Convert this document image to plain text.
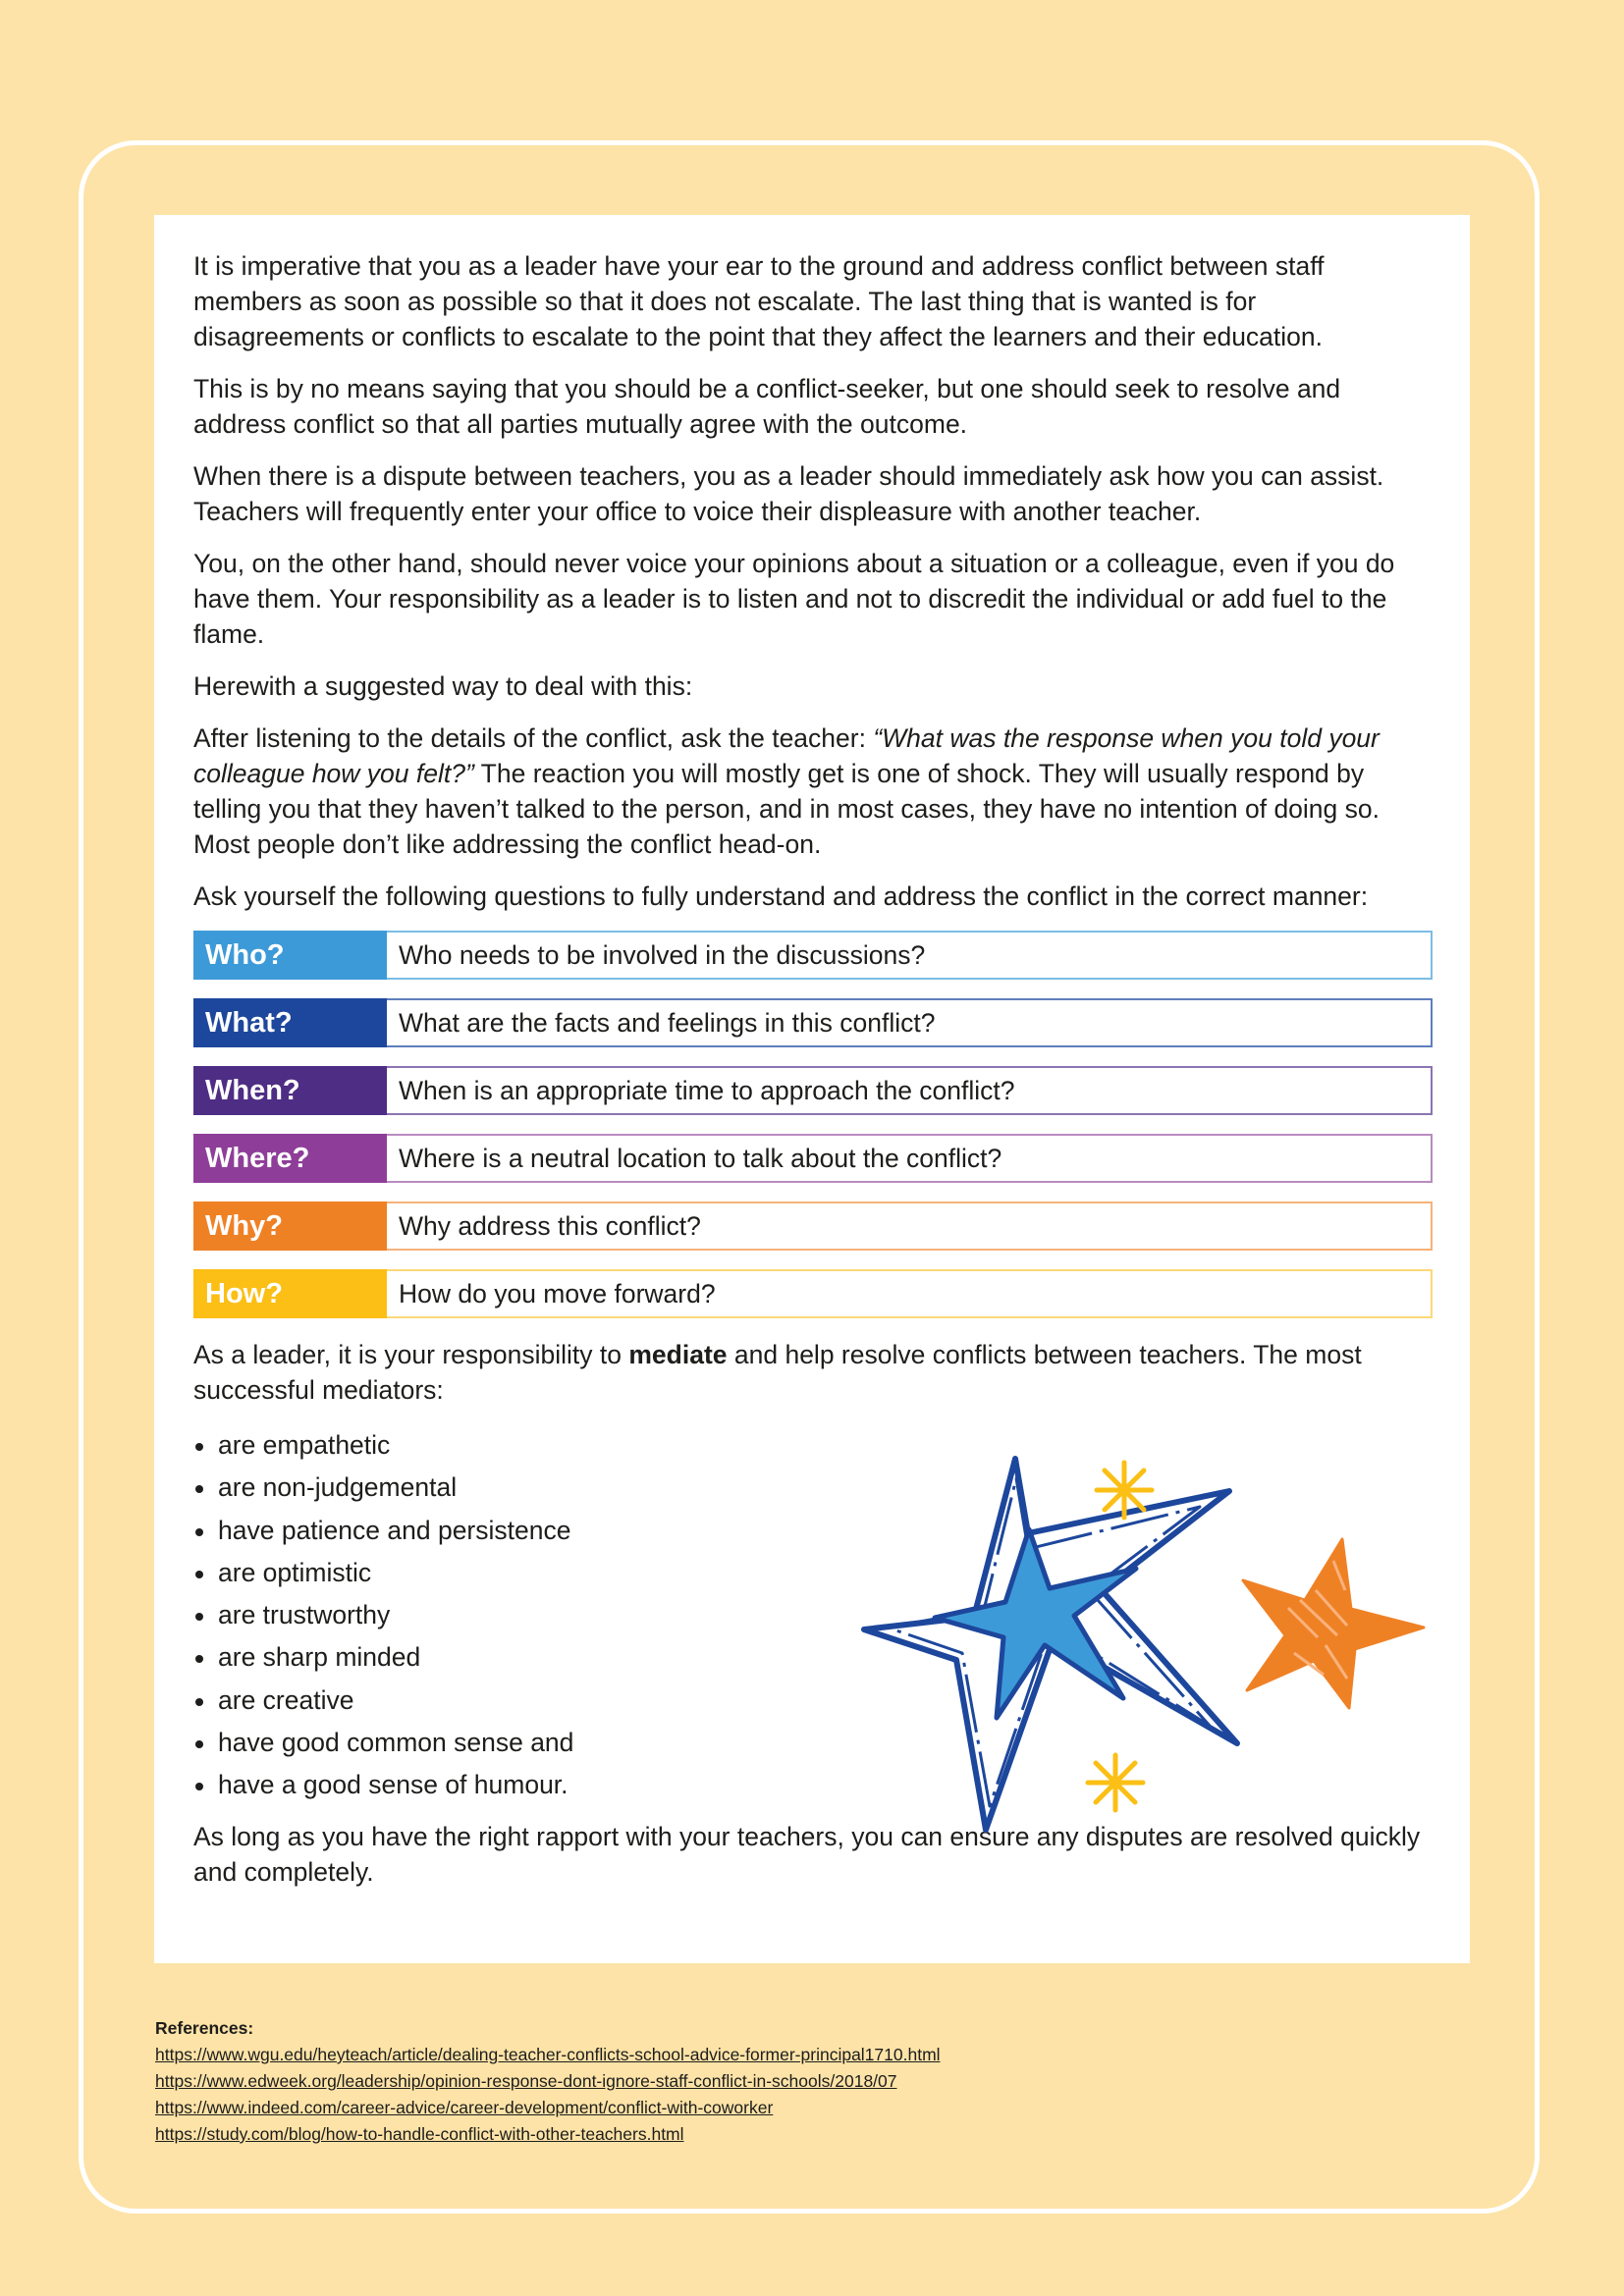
It is imperative that you as a leader have your ear to the ground and address conflict between staff members as soon as possible so that it does not escalate. The last thing that is wanted is for disagreements or conflicts to escalate to the point that they affect the learners and their education.

This is by no means saying that you should be a conflict-seeker, but one should seek to resolve and address conflict so that all parties mutually agree with the outcome.

When there is a dispute between teachers, you as a leader should immediately ask how you can assist. Teachers will frequently enter your office to voice their displeasure with another teacher.

You, on the other hand, should never voice your opinions about a situation or a colleague, even if you do have them. Your responsibility as a leader is to listen and not to discredit the individual or add fuel to the flame.

Herewith a suggested way to deal with this:

After listening to the details of the conflict, ask the teacher: “What was the response when you told your colleague how you felt?” The reaction you will mostly get is one of shock. They will usually respond by telling you that they haven’t talked to the person, and in most cases, they have no intention of doing so. Most people don’t like addressing the conflict head-on.

Ask yourself the following questions to fully understand and address the conflict in the correct manner:

Who?	Who needs to be involved in the discussions?
What?	What are the facts and feelings in this conflict?
When?	When is an appropriate time to approach the conflict?
Where?	Where is a neutral location to talk about the conflict?
Why?	Why address this conflict?
How?	How do you move forward?

As a leader, it is your responsibility to mediate and help resolve conflicts between teachers. The most successful mediators:

are empathetic
are non-judgemental
have patience and persistence
are optimistic
are trustworthy
are sharp minded
are creative
have good common sense and
have a good sense of humour.

As long as you have the right rapport with your teachers, you can ensure any disputes are resolved quickly and completely.

References:
https://www.wgu.edu/heyteach/article/dealing-teacher-conflicts-school-advice-former-principal1710.html
https://www.edweek.org/leadership/opinion-response-dont-ignore-staff-conflict-in-schools/2018/07
https://www.indeed.com/career-advice/career-development/conflict-with-coworker
https://study.com/blog/how-to-handle-conflict-with-other-teachers.html
